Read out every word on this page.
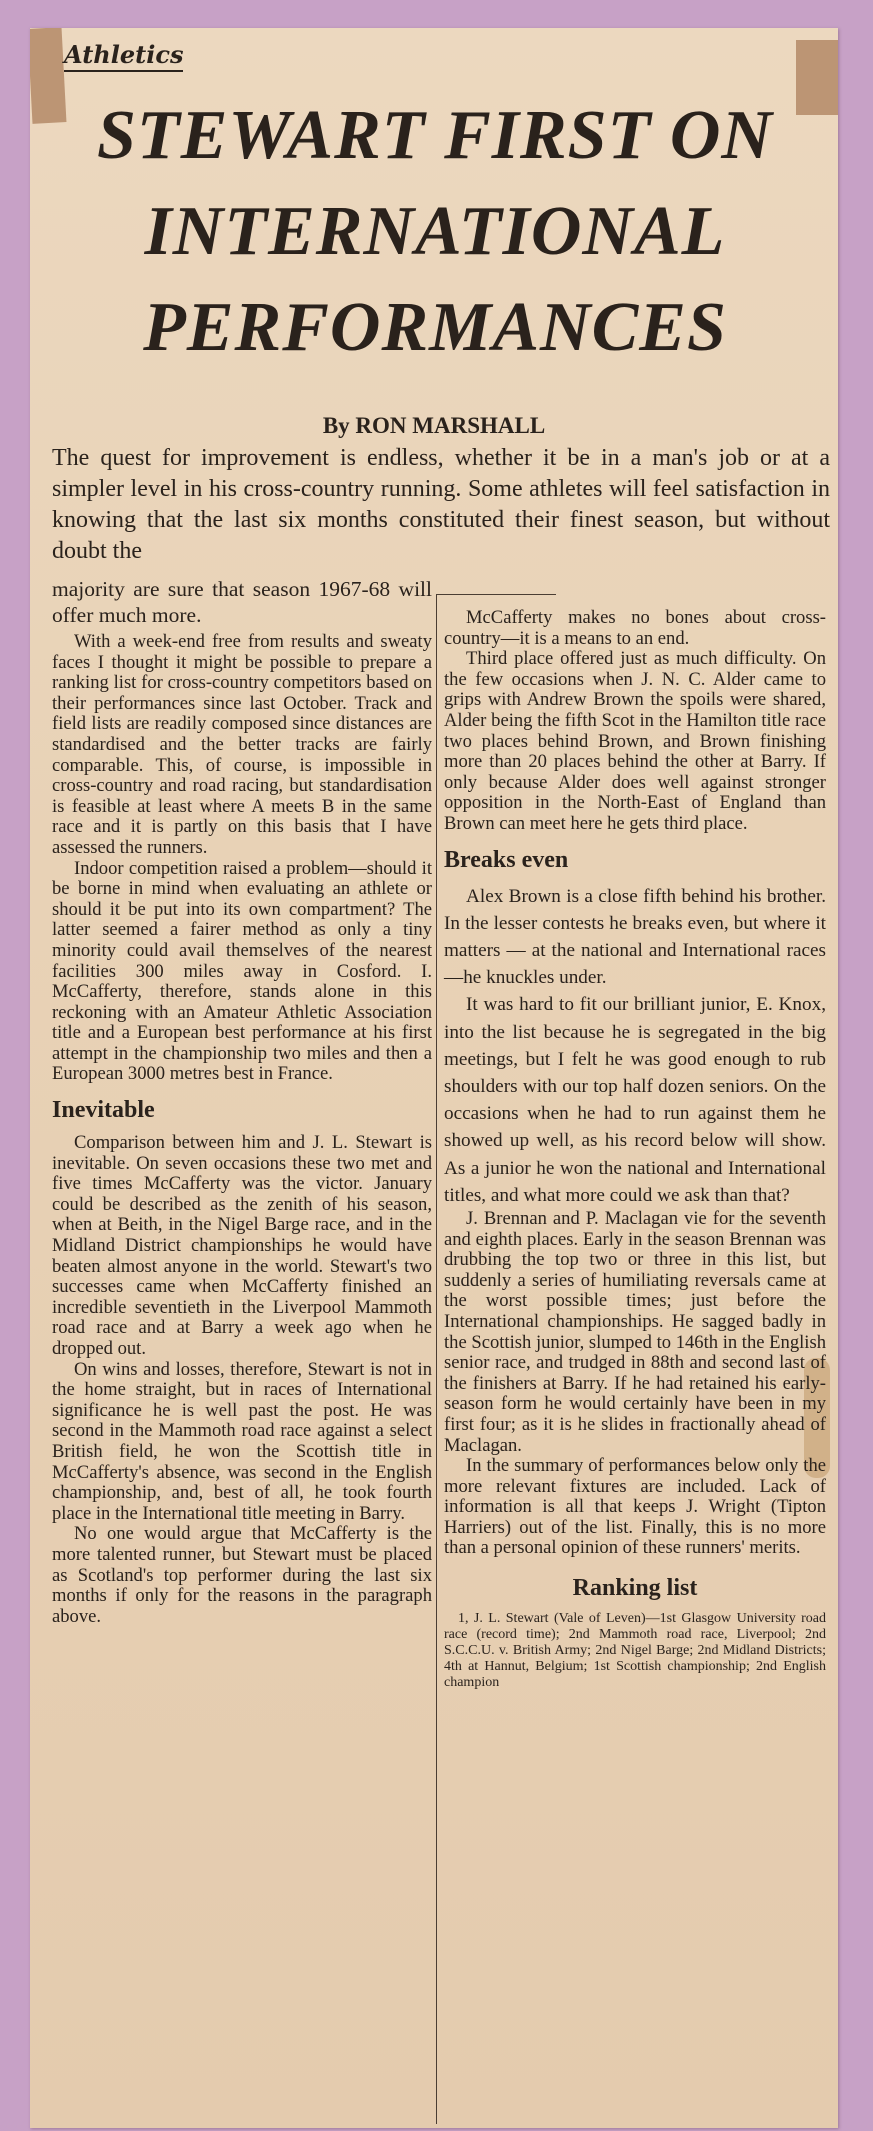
Athletics
STEWART FIRST ON INTERNATIONAL PERFORMANCES
By RON MARSHALL

The quest for improvement is endless, whether it be in a man's job or at a simpler level in his cross-country running. Some athletes will feel satisfaction in knowing that the last six months constituted their finest season, but without doubt the

majority are sure that season 1967-68 will offer much more.

With a week-end free from results and sweaty faces I thought it might be possible to prepare a ranking list for cross-country competitors based on their performances since last October. Track and field lists are readily composed since distances are standardised and the better tracks are fairly comparable. This, of course, is impossible in cross-country and road racing, but standardisation is feasible at least where A meets B in the same race and it is partly on this basis that I have assessed the runners.

Indoor competition raised a problem—should it be borne in mind when evaluating an athlete or should it be put into its own compartment? The latter seemed a fairer method as only a tiny minority could avail themselves of the nearest facilities 300 miles away in Cosford. I. McCafferty, therefore, stands alone in this reckoning with an Amateur Athletic Association title and a European best performance at his first attempt in the championship two miles and then a European 3000 metres best in France.

Inevitable

Comparison between him and J. L. Stewart is inevitable. On seven occasions these two met and five times McCafferty was the victor. January could be described as the zenith of his season, when at Beith, in the Nigel Barge race, and in the Midland District championships he would have beaten almost anyone in the world. Stewart's two successes came when McCafferty finished an incredible seventieth in the Liverpool Mammoth road race and at Barry a week ago when he dropped out.

On wins and losses, therefore, Stewart is not in the home straight, but in races of International significance he is well past the post. He was second in the Mammoth road race against a select British field, he won the Scottish title in McCafferty's absence, was second in the English championship, and, best of all, he took fourth place in the International title meeting in Barry.

No one would argue that McCafferty is the more talented runner, but Stewart must be placed as Scotland's top performer during the last six months if only for the reasons in the paragraph above.

McCafferty makes no bones about cross-country—it is a means to an end.

Third place offered just as much difficulty. On the few occasions when J. N. C. Alder came to grips with Andrew Brown the spoils were shared, Alder being the fifth Scot in the Hamilton title race two places behind Brown, and Brown finishing more than 20 places behind the other at Barry. If only because Alder does well against stronger opposition in the North-East of England than Brown can meet here he gets third place.

Breaks even

Alex Brown is a close fifth behind his brother. In the lesser contests he breaks even, but where it matters — at the national and International races—he knuckles under.

It was hard to fit our brilliant junior, E. Knox, into the list because he is segregated in the big meetings, but I felt he was good enough to rub shoulders with our top half dozen seniors. On the occasions when he had to run against them he showed up well, as his record below will show. As a junior he won the national and International titles, and what more could we ask than that?

J. Brennan and P. Maclagan vie for the seventh and eighth places. Early in the season Brennan was drubbing the top two or three in this list, but suddenly a series of humiliating reversals came at the worst possible times; just before the International championships. He sagged badly in the Scottish junior, slumped to 146th in the English senior race, and trudged in 88th and second last of the finishers at Barry. If he had retained his early-season form he would certainly have been in my first four; as it is he slides in fractionally ahead of Maclagan.

In the summary of performances below only the more relevant fixtures are included. Lack of information is all that keeps J. Wright (Tipton Harriers) out of the list. Finally, this is no more than a personal opinion of these runners' merits.

Ranking list

1, J. L. Stewart (Vale of Leven)—1st Glasgow University road race (record time); 2nd Mammoth road race, Liverpool; 2nd S.C.C.U. v. British Army; 2nd Nigel Barge; 2nd Midland Districts; 4th at Hannut, Belgium; 1st Scottish championship; 2nd English champion
